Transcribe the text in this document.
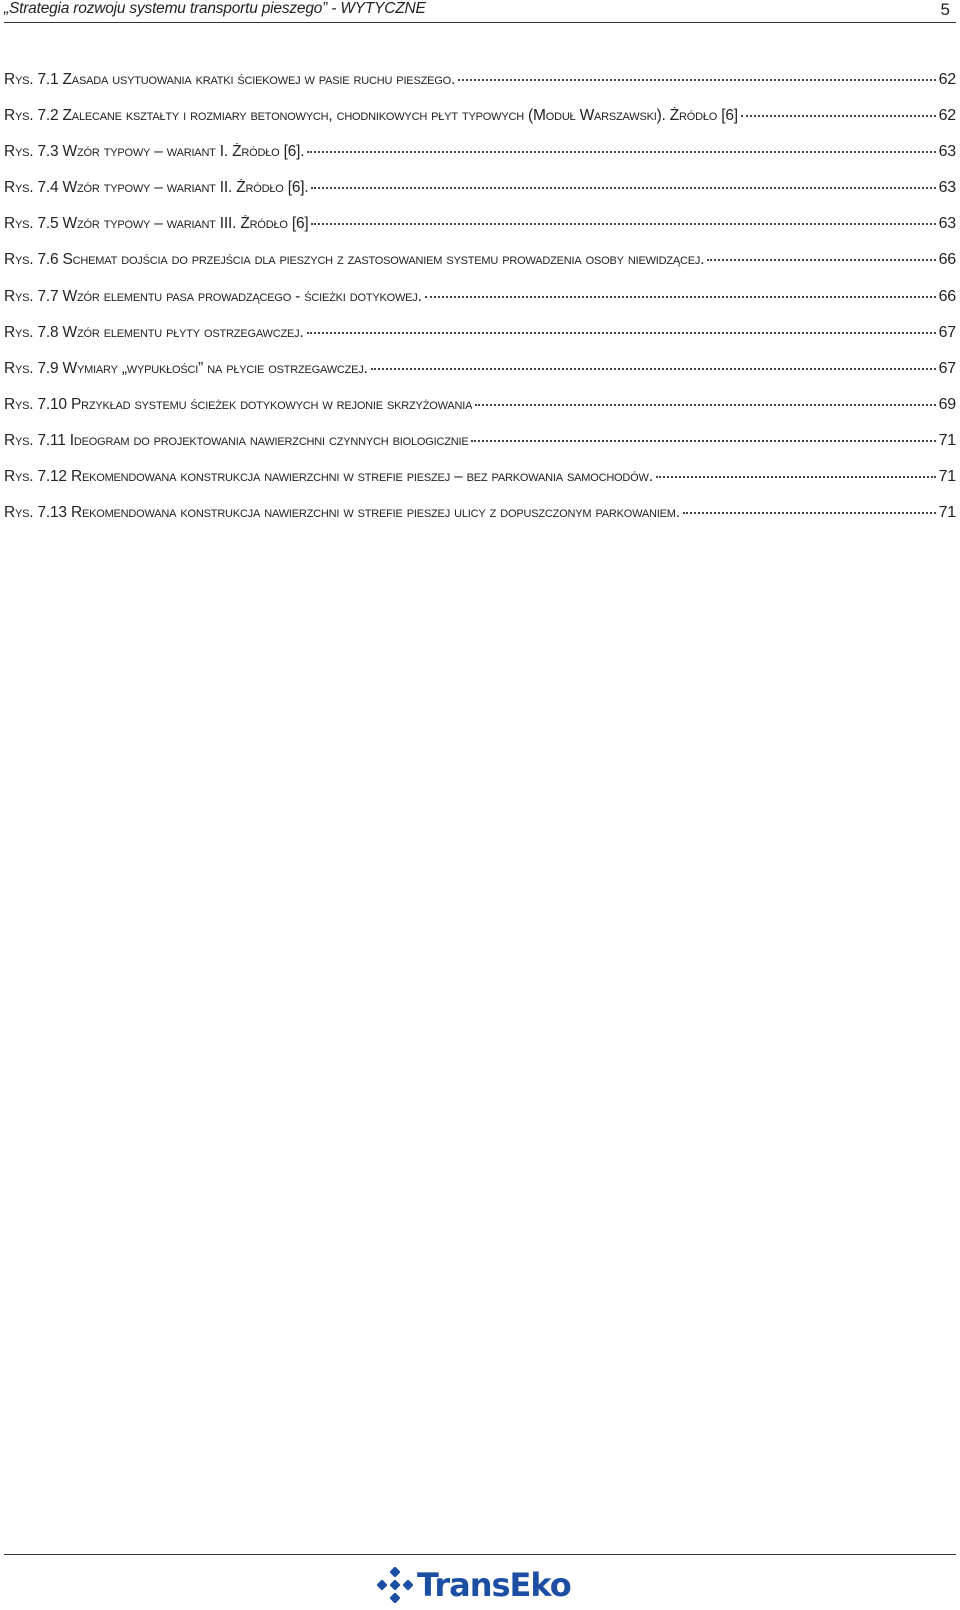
„Strategia rozwoju systemu transportu pieszego” - WYTYCZNE	5
Rys. 7.1 Zasada usytuowania kratki ściekowej w pasie ruchu pieszego.	62
Rys. 7.2 Zalecane kształty i rozmiary betonowych, chodnikowych płyt typowych (Moduł Warszawski). Źródło [6]	62
Rys. 7.3 Wzór typowy – wariant I. Źródło [6].	63
Rys. 7.4 Wzór typowy – wariant II. Źródło [6].	63
Rys. 7.5 Wzór typowy – wariant III. Źródło [6]	63
Rys. 7.6 Schemat dojścia do przejścia dla pieszych z zastosowaniem systemu prowadzenia osoby niewidzącej.	66
Rys. 7.7 Wzór elementu pasa prowadzącego - ścieżki dotykowej.	66
Rys. 7.8 Wzór elementu płyty ostrzegawczej.	67
Rys. 7.9 Wymiary „wypukłości” na płycie ostrzegawczej.	67
Rys. 7.10 Przykład systemu ścieżek dotykowych w rejonie skrzyżowania	69
Rys. 7.11 Ideogram do projektowania nawierzchni czynnych biologicznie	71
Rys. 7.12 Rekomendowana konstrukcja nawierzchni w strefie pieszej – bez parkowania samochodów.	71
Rys. 7.13 Rekomendowana konstrukcja nawierzchni w strefie pieszej ulicy z dopuszczonym parkowaniem.	71
TransEko
